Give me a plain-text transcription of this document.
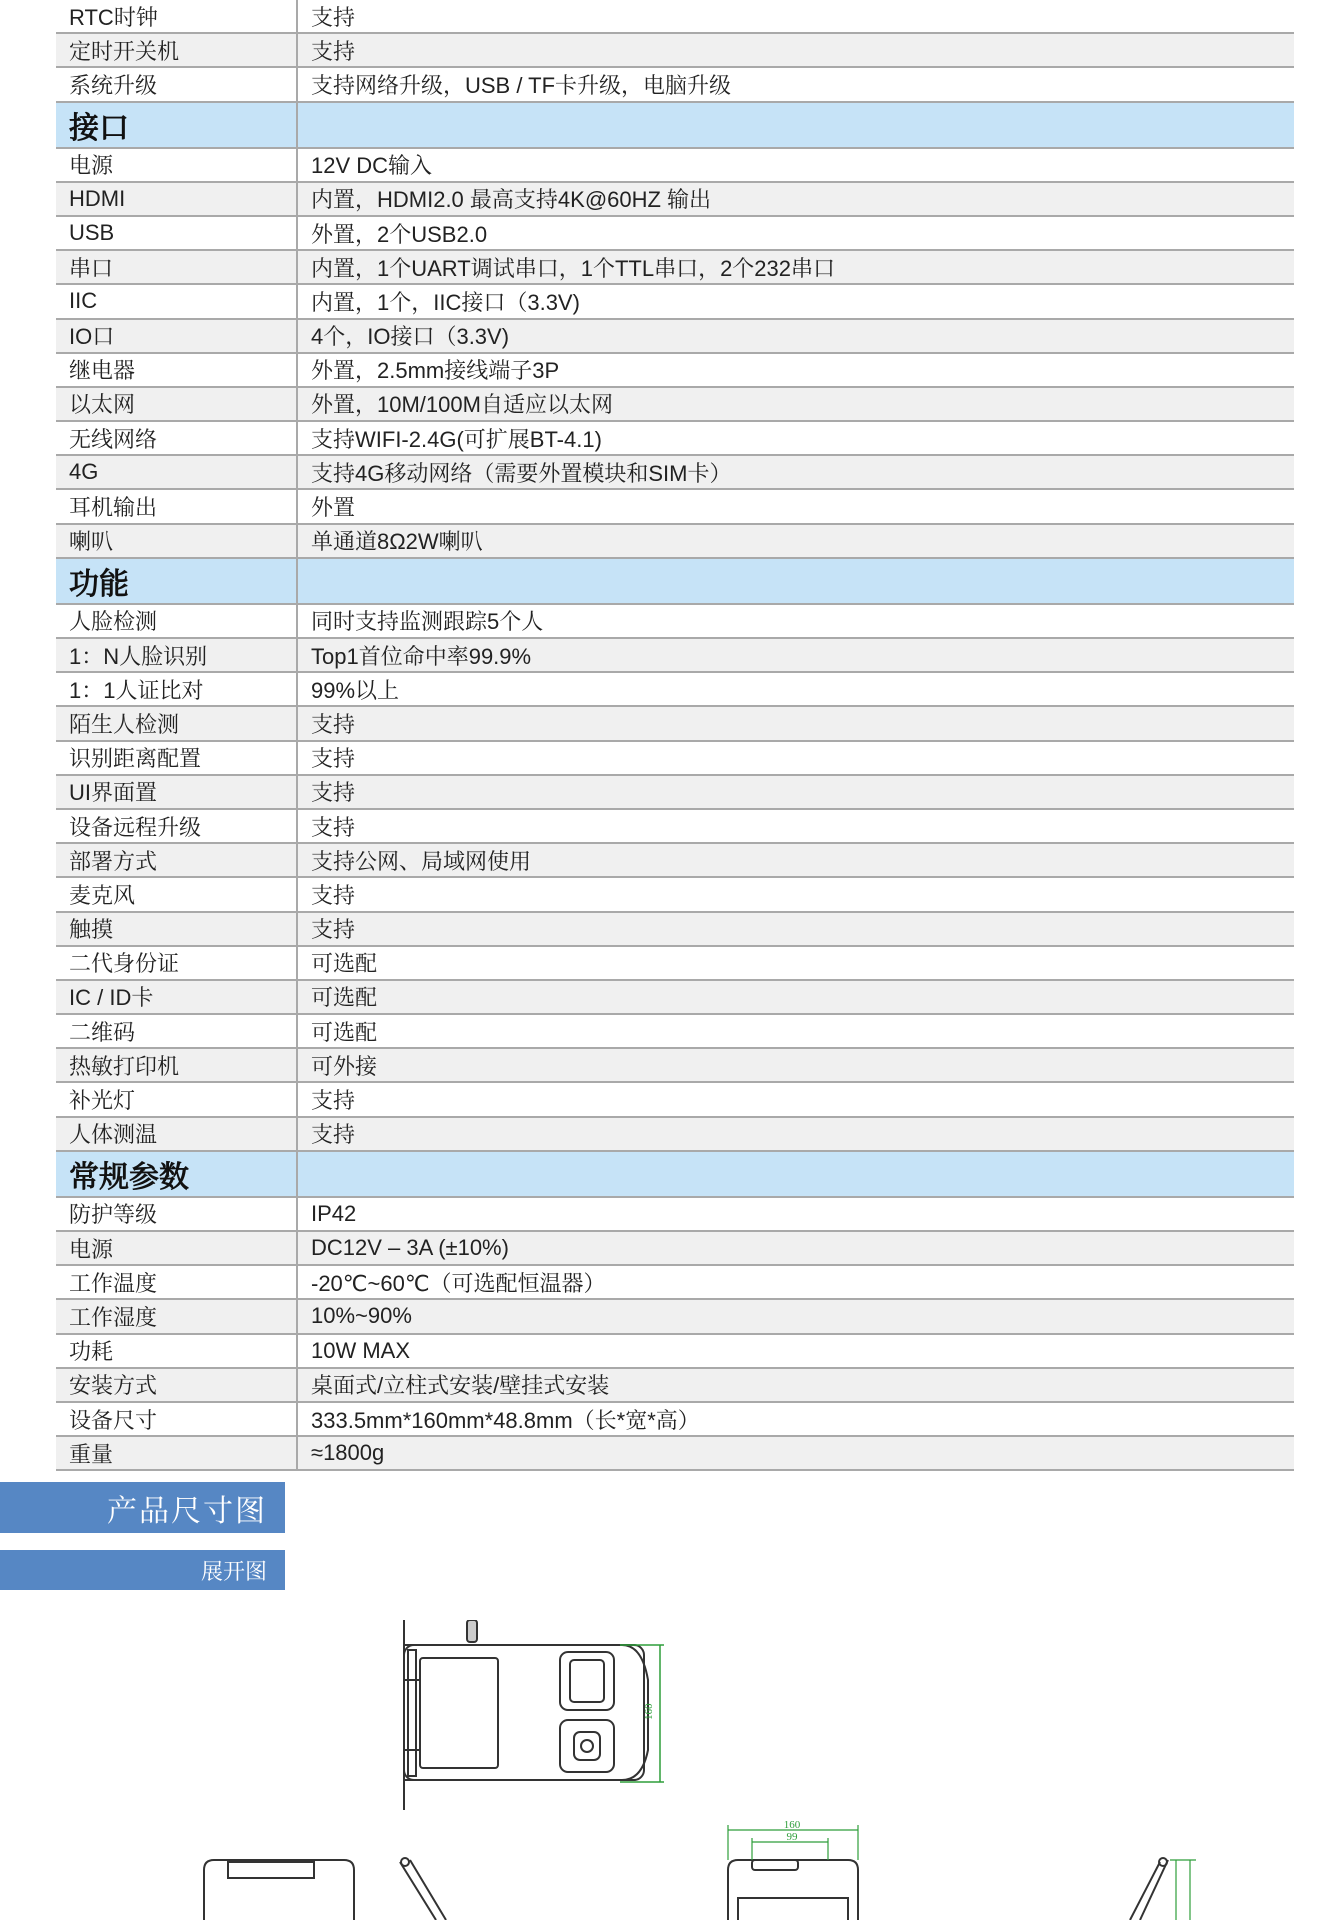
RTC时钟	支持
定时开关机	支持
系统升级	支持网络升级，USB / TF卡升级，电脑升级
接口	
电源	12V DC输入
HDMI	内置，HDMI2.0 最高支持4K@60HZ 输出
USB	外置，2个USB2.0
串口	内置，1个UART调试串口，1个TTL串口，2个232串口
IIC	内置，1个，IIC接口（3.3V)
IO口	4个，IO接口（3.3V)
继电器	外置，2.5mm接线端子3P
以太网	外置，10M/100M自适应以太网
无线网络	支持WIFI-2.4G(可扩展BT-4.1)
4G	支持4G移动网络（需要外置模块和SIM卡）
耳机输出	外置
喇叭	单通道8Ω2W喇叭
功能	
人脸检测	同时支持监测跟踪5个人
1：N人脸识别	Top1首位命中率99.9%
1：1人证比对	99%以上
陌生人检测	支持
识别距离配置	支持
UI界面置	支持
设备远程升级	支持
部署方式	支持公网、局域网使用
麦克风	支持
触摸	支持
二代身份证	可选配
IC / ID卡	可选配
二维码	可选配
热敏打印机	可外接
补光灯	支持
人体测温	支持
常规参数	
防护等级	IP42
电源	DC12V – 3A (±10%)
工作温度	-20℃~60℃（可选配恒温器）
工作湿度	10%~90%
功耗	10W MAX
安装方式	桌面式/立柱式安装/壁挂式安装
设备尺寸	333.5mm*160mm*48.8mm（长*宽*高）
重量	≈1800g
产品尺寸图
展开图
160
160
99
